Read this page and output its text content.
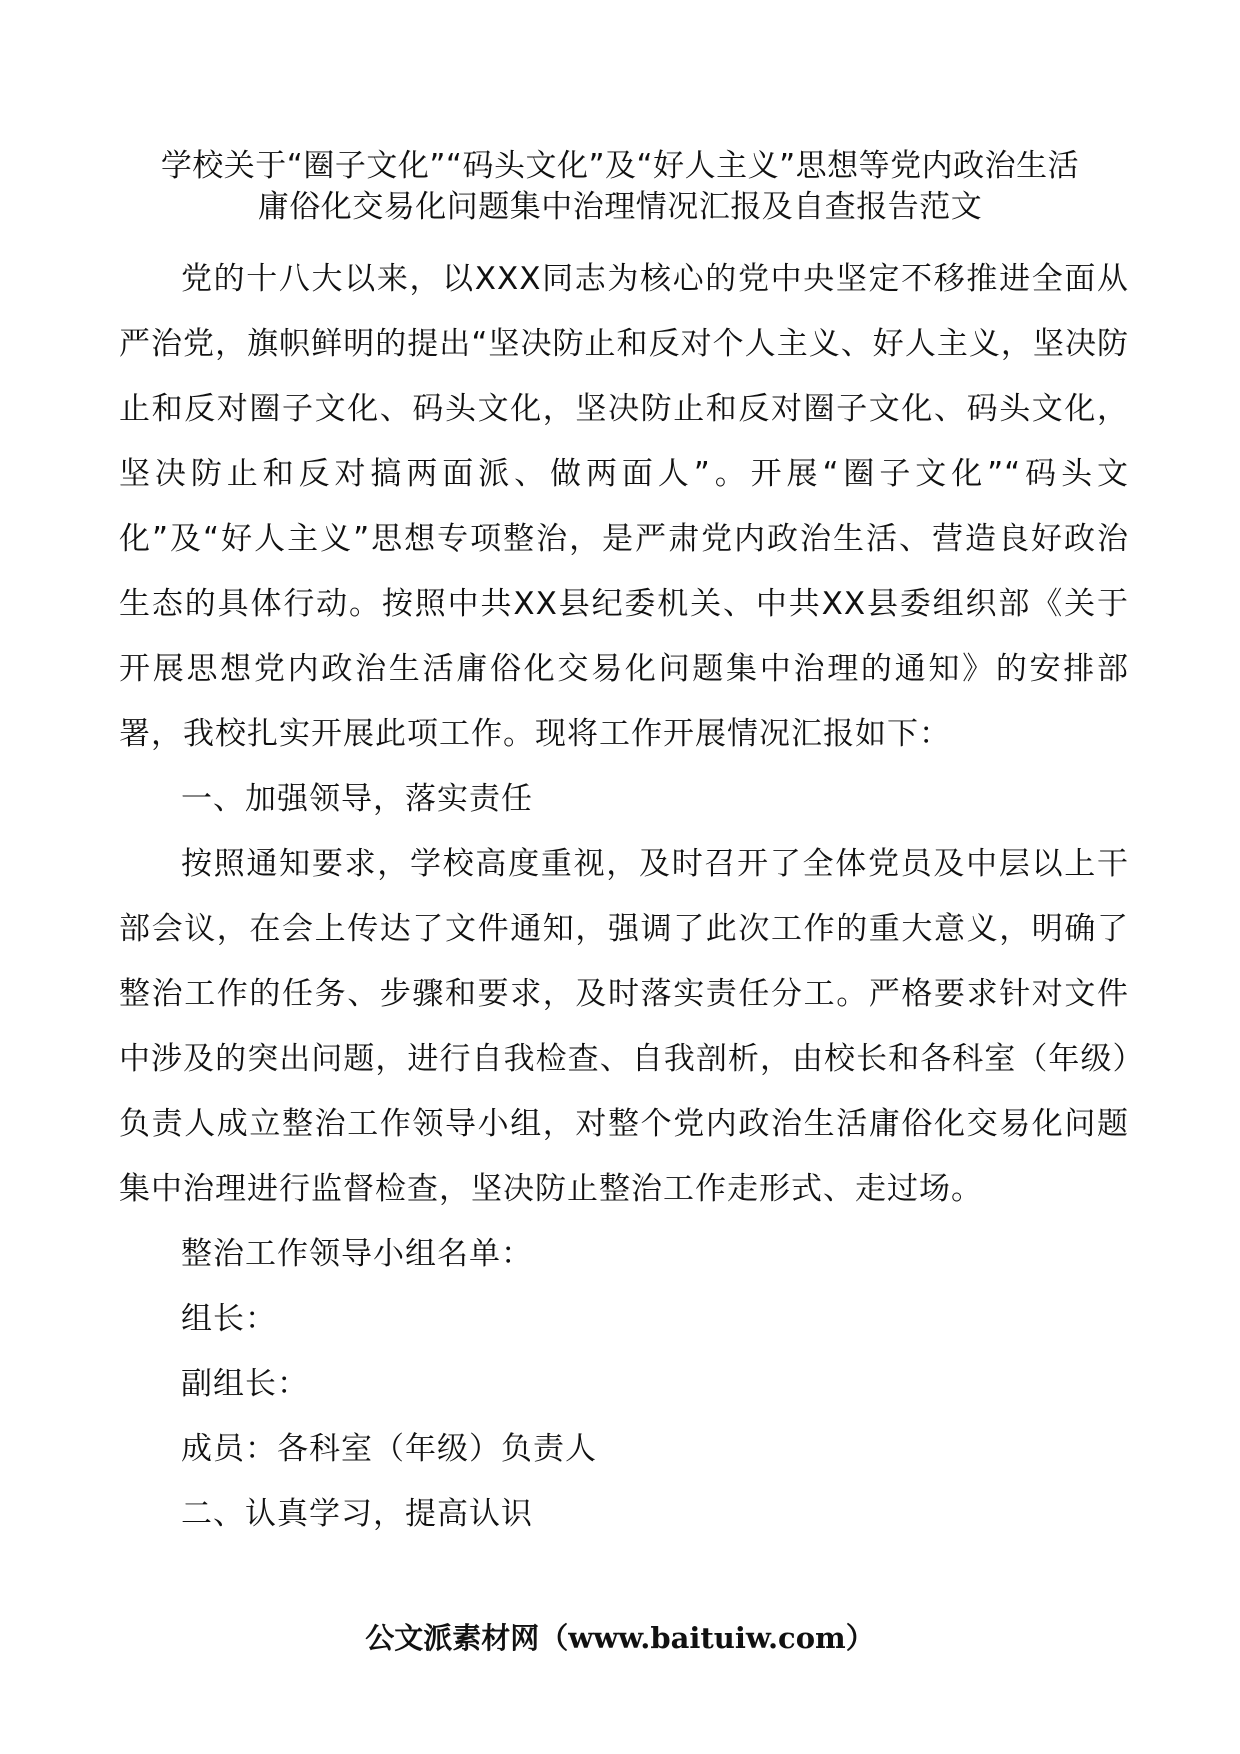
学校关于“圈子文化”“码头文化”及“好人主义”思想等党内政治生活
庸俗化交易化问题集中治理情况汇报及自查报告范文

党的十八大以来，以XXX同志为核心的党中央坚定不移推进全面从严治党，旗帜鲜明的提出“坚决防止和反对个人主义、好人主义，坚决防止和反对圈子文化、码头文化，坚决防止和反对圈子文化、码头文化，坚决防止和反对搞两面派、做两面人”。开展“圈子文化”“码头文化”及“好人主义”思想专项整治，是严肃党内政治生活、营造良好政治生态的具体行动。按照中共XX县纪委机关、中共XX县委组织部《关于开展思想党内政治生活庸俗化交易化问题集中治理的通知》的安排部署，我校扎实开展此项工作。现将工作开展情况汇报如下：

一、加强领导，落实责任

按照通知要求，学校高度重视，及时召开了全体党员及中层以上干部会议，在会上传达了文件通知，强调了此次工作的重大意义，明确了整治工作的任务、步骤和要求，及时落实责任分工。严格要求针对文件中涉及的突出问题，进行自我检查、自我剖析，由校长和各科室（年级）负责人成立整治工作领导小组，对整个党内政治生活庸俗化交易化问题集中治理进行监督检查，坚决防止整治工作走形式、走过场。

整治工作领导小组名单：

组长：

副组长：

成员：各科室（年级）负责人

二、认真学习，提高认识

公文派素材网（www.baituiw.com）
